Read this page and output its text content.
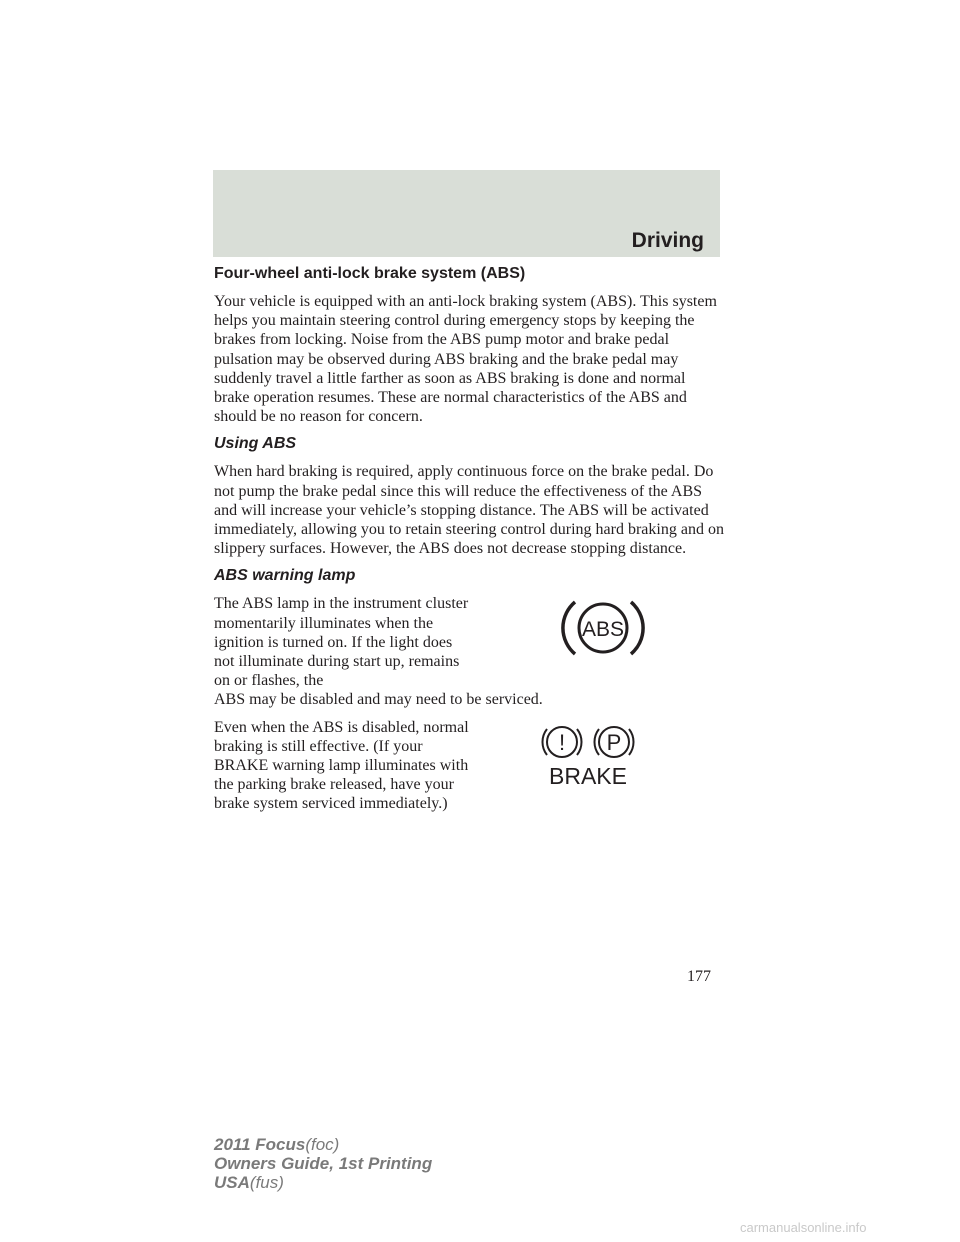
Driving
Four-wheel anti-lock brake system (ABS)

Your vehicle is equipped with an anti-lock braking system (ABS). This system helps you maintain steering control during emergency stops by keeping the brakes from locking. Noise from the ABS pump motor and brake pedal pulsation may be observed during ABS braking and the brake pedal may suddenly travel a little farther as soon as ABS braking is done and normal brake operation resumes. These are normal characteristics of the ABS and should be no reason for concern.

Using ABS

When hard braking is required, apply continuous force on the brake pedal. Do not pump the brake pedal since this will reduce the effectiveness of the ABS and will increase your vehicle’s stopping distance. The ABS will be activated immediately, allowing you to retain steering control during hard braking and on slippery surfaces. However, the ABS does not decrease stopping distance.

ABS warning lamp

The ABS lamp in the instrument cluster momentarily illuminates when the ignition is turned on. If the light does not illuminate during start up, remains on or flashes, the

ABS may be disabled and may need to be serviced.

ABS

Even when the ABS is disabled, normal braking is still effective. (If your BRAKE warning lamp illuminates with the parking brake released, have your brake system serviced immediately.)

! P
BRAKE
177
2011 Focus(foc)
Owners Guide, 1st Printing
USA(fus)
carmanualsonline.info
